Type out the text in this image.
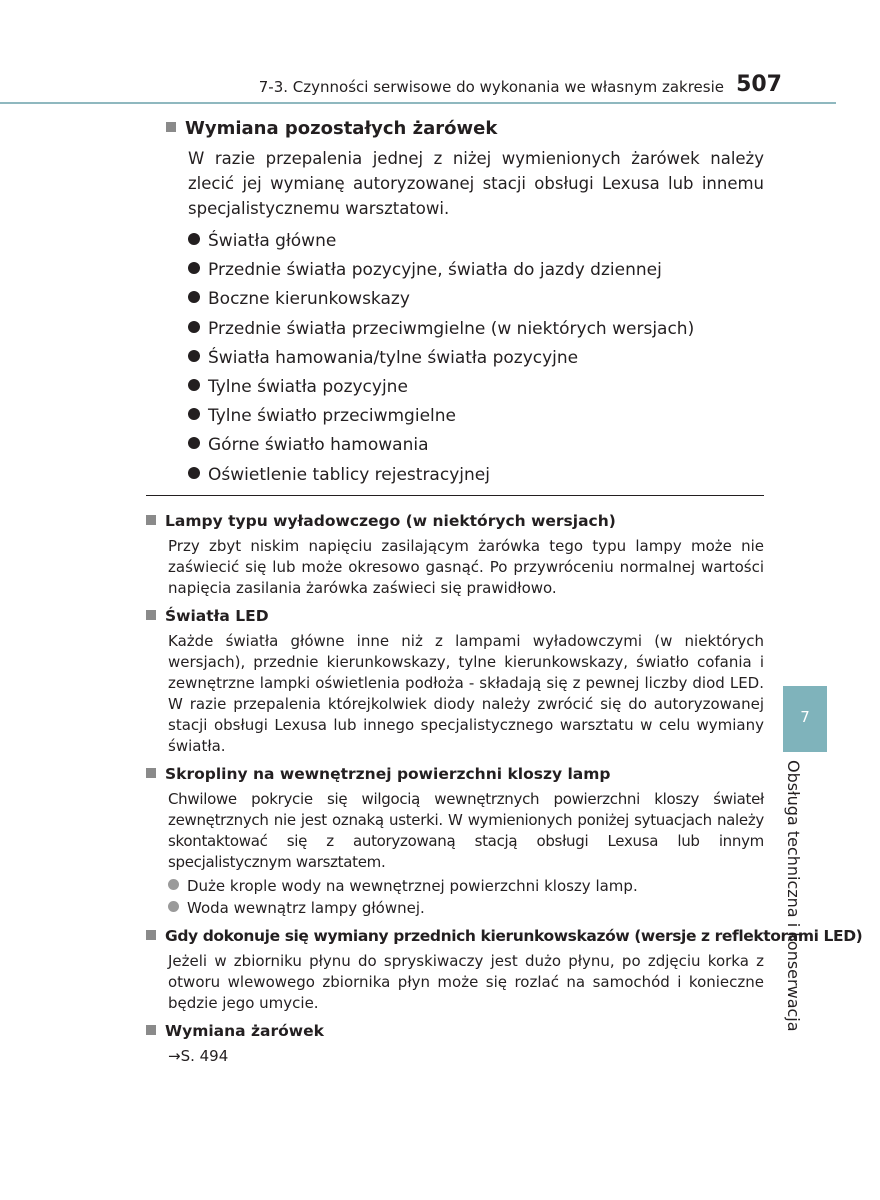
7-3. Czynności serwisowe do wykonania we własnym zakresie 507
Wymiana pozostałych żarówek

W razie przepalenia jednej z niżej wymienionych żarówek należy zlecić jej wymianę autoryzowanej stacji obsługi Lexusa lub innemu specjalistycznemu warsztatowi.

Światła główne
Przednie światła pozycyjne, światła do jazdy dziennej
Boczne kierunkowskazy
Przednie światła przeciwmgielne (w niektórych wersjach)
Światła hamowania/tylne światła pozycyjne
Tylne światła pozycyjne
Tylne światło przeciwmgielne
Górne światło hamowania
Oświetlenie tablicy rejestracyjnej
Lampy typu wyładowczego (w niektórych wersjach)

Przy zbyt niskim napięciu zasilającym żarówka tego typu lampy może nie zaświecić się lub może okresowo gasnąć. Po przywróceniu normalnej wartości napięcia zasilania żarówka zaświeci się prawidłowo.

Światła LED

Każde światła główne inne niż z lampami wyładowczymi (w niektórych wersjach), przednie kierunkowskazy, tylne kierunkowskazy, światło cofania i zewnętrzne lampki oświetlenia podłoża - składają się z pewnej liczby diod LED. W razie przepalenia którejkolwiek diody należy zwrócić się do autoryzowanej stacji obsługi Lexusa lub innego specjalistycznego warsztatu w celu wymiany światła.

Skropliny na wewnętrznej powierzchni kloszy lamp

Chwilowe pokrycie się wilgocią wewnętrznych powierzchni kloszy świateł zewnętrznych nie jest oznaką usterki. W wymienionych poniżej sytuacjach należy skontaktować się z autoryzowaną stacją obsługi Lexusa lub innym specjalistycznym warsztatem.

Duże krople wody na wewnętrznej powierzchni kloszy lamp.
Woda wewnątrz lampy głównej.
Gdy dokonuje się wymiany przednich kierunkowskazów (wersje z reflektorami LED)

Jeżeli w zbiorniku płynu do spryskiwaczy jest dużo płynu, po zdjęciu korka z otworu wlewowego zbiornika płyn może się rozlać na samochód i konieczne będzie jego umycie.

Wymiana żarówek

→S. 494

7
Obsługa techniczna i konserwacja
